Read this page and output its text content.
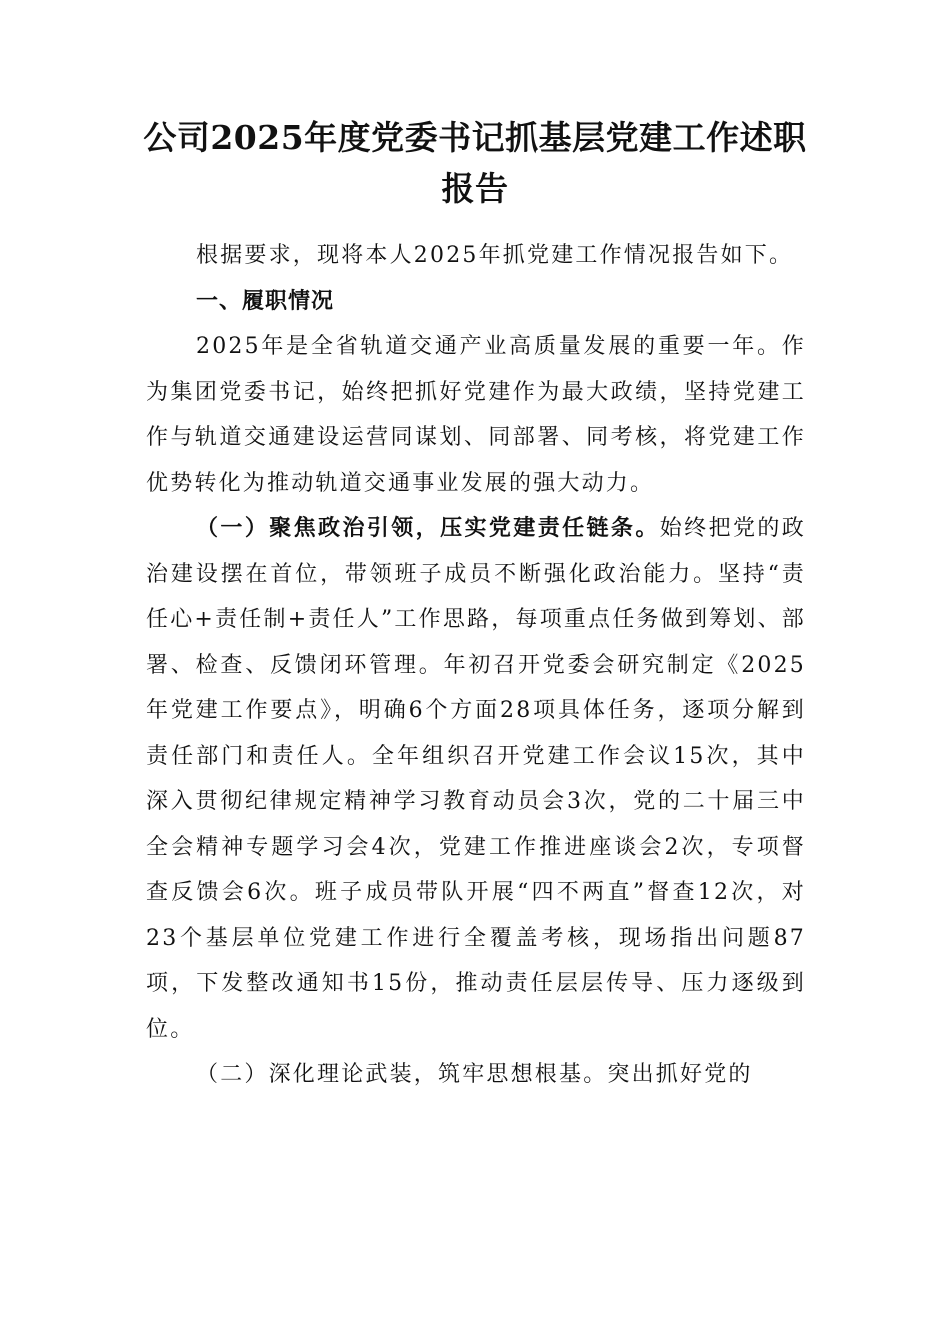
公司2025年度党委书记抓基层党建工作述职报告

根据要求，现将本人2025年抓党建工作情况报告如下。

一、履职情况

2025年是全省轨道交通产业高质量发展的重要一年。作为集团党委书记，始终把抓好党建作为最大政绩，坚持党建工作与轨道交通建设运营同谋划、同部署、同考核，将党建工作优势转化为推动轨道交通事业发展的强大动力。

（一）聚焦政治引领，压实党建责任链条。始终把党的政治建设摆在首位，带领班子成员不断强化政治能力。坚持“责任心+责任制+责任人”工作思路，每项重点任务做到筹划、部署、检查、反馈闭环管理。年初召开党委会研究制定《2025年党建工作要点》，明确6个方面28项具体任务，逐项分解到责任部门和责任人。全年组织召开党建工作会议15次，其中深入贯彻纪律规定精神学习教育动员会3次，党的二十届三中全会精神专题学习会4次，党建工作推进座谈会2次，专项督查反馈会6次。班子成员带队开展“四不两直”督查12次，对23个基层单位党建工作进行全覆盖考核，现场指出问题87项，下发整改通知书15份，推动责任层层传导、压力逐级到位。

（二）深化理论武装，筑牢思想根基。突出抓好党的
